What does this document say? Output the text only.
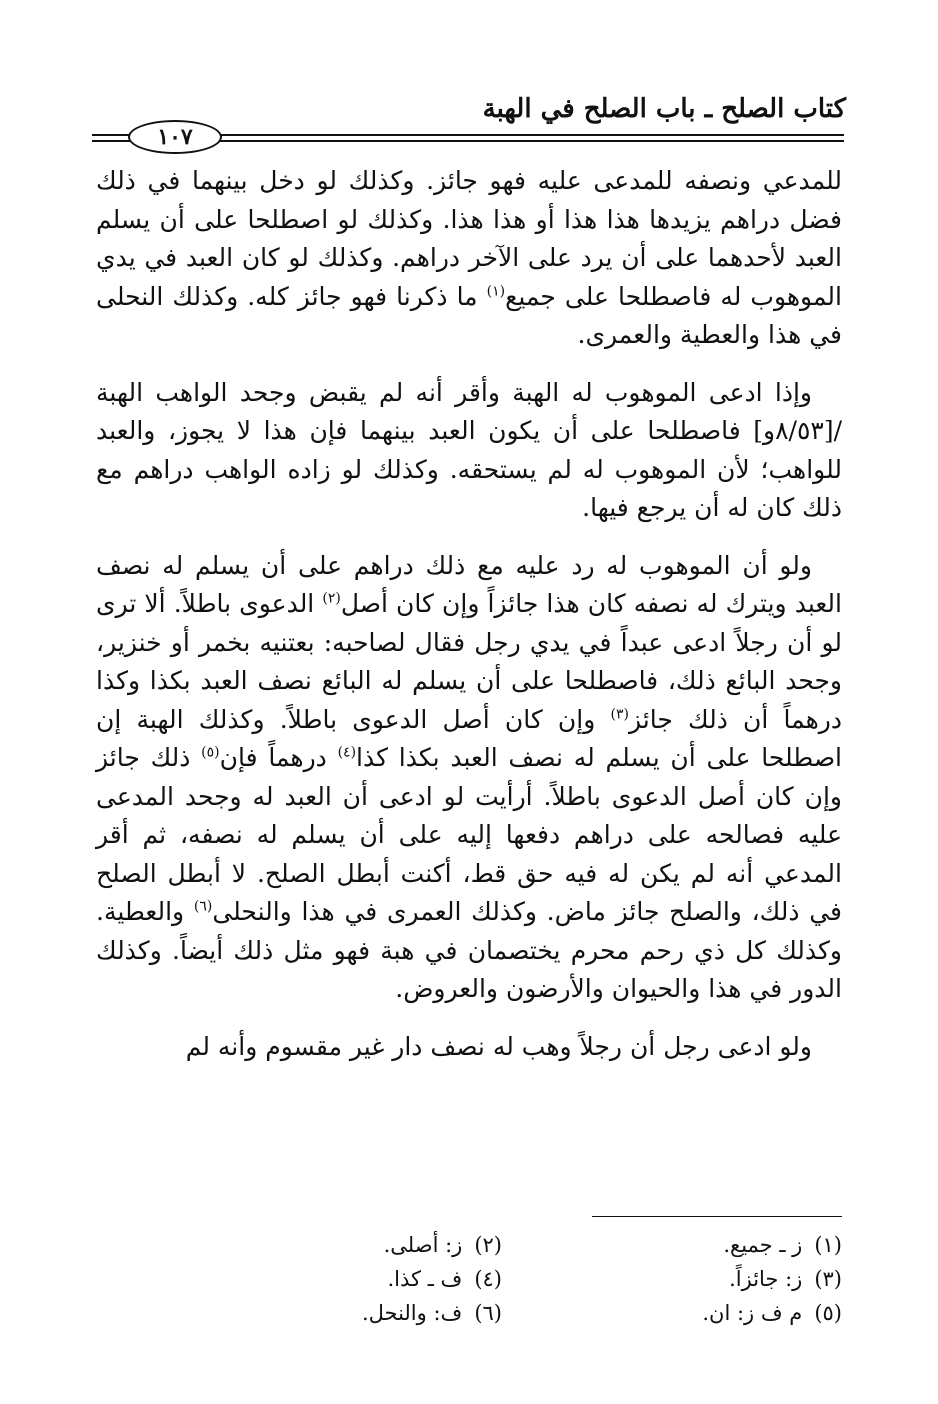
كتاب الصلح ـ باب الصلح في الهبة
١٠٧

للمدعي ونصفه للمدعى عليه فهو جائز. وكذلك لو دخل بينهما في ذلك فضل دراهم يزيدها هذا هذا أو هذا هذا. وكذلك لو اصطلحا على أن يسلم العبد لأحدهما على أن يرد على الآخر دراهم. وكذلك لو كان العبد في يدي الموهوب له فاصطلحا على جميع$^{(١)}$ ما ذكرنا فهو جائز كله. وكذلك النحلى في هذا والعطية والعمرى.

وإذا ادعى الموهوب له الهبة وأقر أنه لم يقبض وجحد الواهب الهبة /[٨/٥٣و] فاصطلحا على أن يكون العبد بينهما فإن هذا لا يجوز، والعبد للواهب؛ لأن الموهوب له لم يستحقه. وكذلك لو زاده الواهب دراهم مع ذلك كان له أن يرجع فيها.

ولو أن الموهوب له رد عليه مع ذلك دراهم على أن يسلم له نصف العبد ويترك له نصفه كان هذا جائزاً وإن كان أصل$^{(٢)}$ الدعوى باطلاً. ألا ترى لو أن رجلاً ادعى عبداً في يدي رجل فقال لصاحبه: بعتنيه بخمر أو خنزير، وجحد البائع ذلك، فاصطلحا على أن يسلم له البائع نصف العبد بكذا وكذا درهماً أن ذلك جائز$^{(٣)}$ وإن كان أصل الدعوى باطلاً. وكذلك الهبة إن اصطلحا على أن يسلم له نصف العبد بكذا كذا$^{(٤)}$ درهماً فإن$^{(٥)}$ ذلك جائز وإن كان أصل الدعوى باطلاً. أرأيت لو ادعى أن العبد له وجحد المدعى عليه فصالحه على دراهم دفعها إليه على أن يسلم له نصفه، ثم أقر المدعي أنه لم يكن له فيه حق قط، أكنت أبطل الصلح. لا أبطل الصلح في ذلك، والصلح جائز ماض. وكذلك العمرى في هذا والنحلى$^{(٦)}$ والعطية. وكذلك كل ذي رحم محرم يختصمان في هبة فهو مثل ذلك أيضاً. وكذلك الدور في هذا والحيوان والأرضون والعروض.

ولو ادعى رجل أن رجلاً وهب له نصف دار غير مقسوم وأنه لم

(١)ز ـ جميع.
(٢)ز: أصلى.
(٣)ز: جائزاً.
(٤)ف ـ كذا.
(٥)م ف ز: ان.
(٦)ف: والنحل.
